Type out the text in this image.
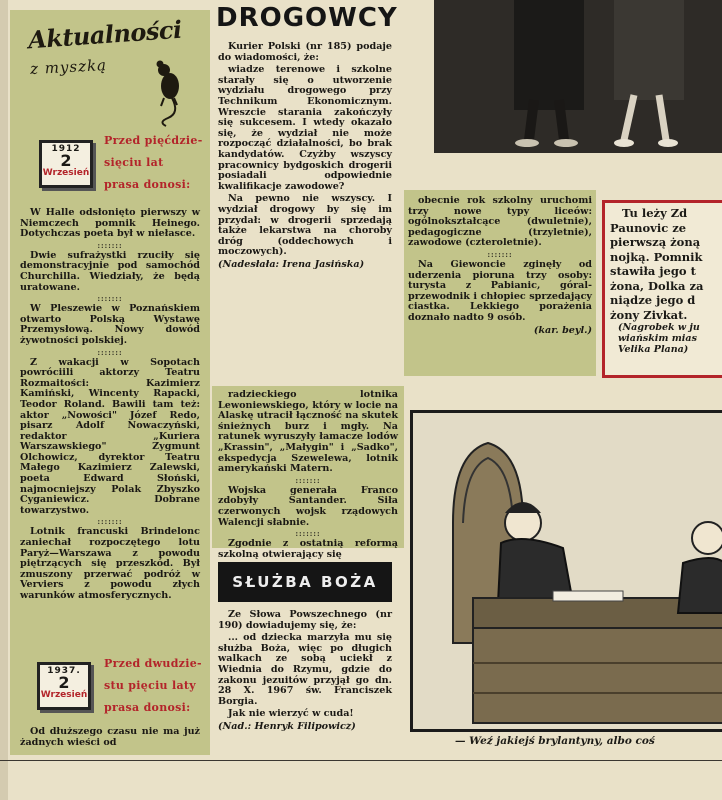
Aktualności
z myszką
1912
2
Wrzesień
Przed pięćdzie-
sięciu lat
prasa donosi:

W Halle odsłonięto pierwszy w Niemczech pomnik Heinego. Dotychczas poeta był w niełasce.

:::::::

Dwie sufrażystki rzuciły się demonstracyjnie pod samochód Churchilla. Wiedziały, że będą uratowane.

:::::::

W Pleszewie w Poznańskiem otwarto Polską Wystawę Przemysłową. Nowy dowód żywotności polskiej.

:::::::

Z wakacji w Sopotach powróciili aktorzy Teatru Rozmaitości: Kazimierz Kamiński, Wincenty Rapacki, Teodor Roland. Bawili tam też: aktor „Nowości" Józef Redo, pisarz Adolf Nowaczyński, redaktor „Kuriera Warszawskiego" Zygmunt Olchowicz, dyrektor Teatru Małego Kazimierz Zalewski, poeta Edward Słoński, najmocniejszy Polak Zbyszko Cyganiewicz. Dobrane towarzystwo.

:::::::

Lotnik francuski Brindelonc zaniechał rozpoczętego lotu Paryż—Warszawa z powodu piętrzących się przeszkód. Był zmuszony przerwać podróż w Verviers z powodu złych warunków atmosferycznych.

1937.
2
Wrzesień
Przed dwudzie-
stu pięciu laty
prasa donosi:

Od dłuższego czasu nie ma już żadnych wieści od

DROGOWCY

Kurier Polski (nr 185) podaje do wiadomości, że:

wiadze terenowe i szkolne starały się o utworzenie wydziału drogowego przy Technikum Ekonomicznym. Wreszcie starania zakończyły się sukcesem. I wtedy okazało się, że wydział nie może rozpocząć działalności, bo brak kandydatów. Czyżby wszyscy pracownicy bydgoskich drogerii posiadali odpowiednie kwalifikacje zawodowe?

Na pewno nie wszyscy. I wydział drogowy by się im przydał: w drogerii sprzedają także lekarstwa na choroby dróg (oddechowych i moczowych).

(Nadesłała: Irena Jasińska)

radzieckiego lotnika Lewoniewskiego, który w locie na Alaskę utracił łączność na skutek śnieżnych burz i mgły. Na ratunek wyruszyły łamacze lodów „Krassin", „Małygin" i „Sadko", ekspedycja Szewelewa, lotnik amerykański Matern.

:::::::

Wojska generała Franco zdobyły Santander. Siła czerwonych wojsk rządowych Walencji słabnie.

:::::::

Zgodnie z ostatnią reformą szkolną otwierający się

obecnie rok szkolny uruchomi trzy nowe typy liceów: ogólnokształcące (dwuletnie), pedagogiczne (trzyletnie), zawodowe (czteroletnie).

:::::::

Na Giewoncie zginęły od uderzenia pioruna trzy osoby: turysta z Pabianic, góral-przewodnik i chłopiec sprzedający ciastka. Lekkiego porażenia doznało nadto 9 osób.

(kar. beyl.)

SŁUŻBA BOŻA

Ze Słowa Powszechnego (nr 190) dowiadujemy się, że:

... od dziecka marzyła mu się służba Boża, więc po długich walkach ze sobą uciekł z Wiednia do Rzymu, gdzie do zakonu jezuitów przyjął go dn. 28 X. 1967 św. Franciszek Borgia.

Jak nie wierzyć w cuda!

(Nad.: Henryk Filipowicz)

Tu leży Zd
Paunovic ze
pierwszą żoną
nojką. Pomnik
stawiła jego t
żona, Dolka za
niądze jego d
żony Zivkat.
(Nagrobek w ju wiańskim mias Velika Plana)
— Weź jakiejś brylantyny, albo coś
